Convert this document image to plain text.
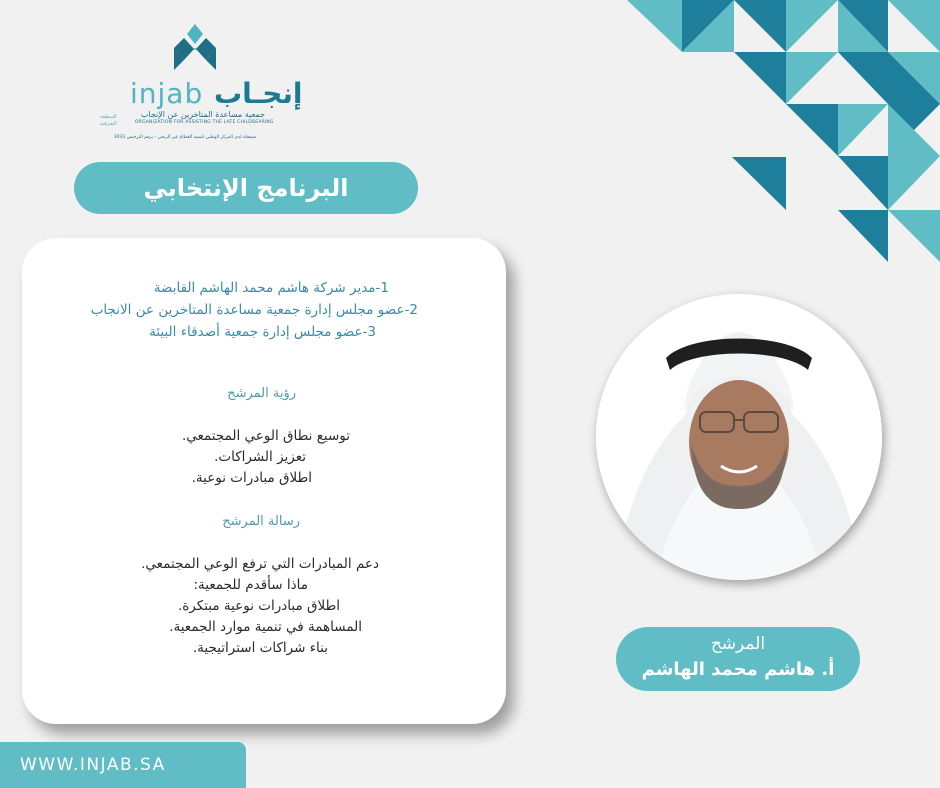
injab إنجـاب
جمعية مساعدة المتاخرين عن الإنجاب
ORGANIZATION FOR ASSISTING THE LATE CHILDBEARING
المنطقة الشرقية
مسجلة لدى المركز الوطني لتنمية القطاع غير الربحي - برقم الترخيص 3033
البرنامج الإنتخابي
1-مدير شركة هاشم محمد الهاشم القابضة
2-عضو مجلس إدارة جمعية مساعدة المتاخرين عن الانجاب
3-عضو مجلس إدارة جمعية أصدقاء البيئة
رؤية المرشح
توسيع نطاق الوعي المجتمعي.
تعزيز الشراكات.
اطلاق مبادرات نوعية.
رسالة المرشح
دعم المبادرات التي ترفع الوعي المجتمعي.
ماذا سأقدم للجمعية:
اطلاق مبادرات نوعية مبتكرة.
المساهمة في تنمية موارد الجمعية.
بناء شراكات استراتيجية.	المرشح
أ. هاشم محمد الهاشم
WWW.INJAB.SA
